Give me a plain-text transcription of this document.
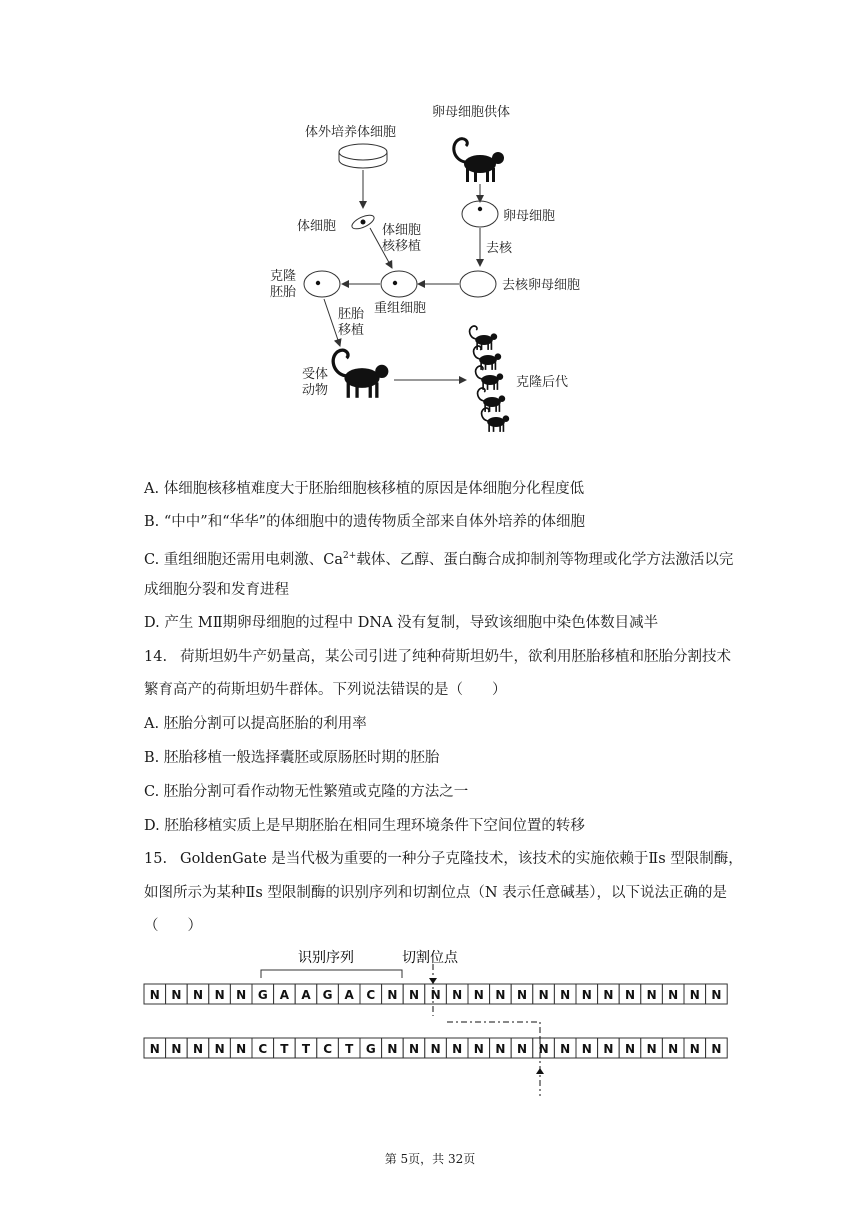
体外培养体细胞
卵母细胞供体
体细胞
卵母细胞
去核
体细胞
核移植
去核卵母细胞
重组细胞
克隆
胚胎
胚胎
移植
受体
动物
克隆后代
A. 体细胞核移植难度大于胚胎细胞核移植的原因是体细胞分化程度低
B. “中中”和“华华”的体细胞中的遗传物质全部来自体外培养的体细胞
C. 重组细胞还需用电刺激、$Ca^{2+}$载体、乙醇、蛋白酶合成抑制剂等物理或化学方法激活以完
成细胞分裂和发育进程
D. 产生 MⅡ期卵母细胞的过程中 DNA 没有复制，导致该细胞中染色体数目减半
14. 荷斯坦奶牛产奶量高，某公司引进了纯种荷斯坦奶牛，欲利用胚胎移植和胚胎分割技术
繁育高产的荷斯坦奶牛群体。下列说法错误的是（　　）
A. 胚胎分割可以提高胚胎的利用率
B. 胚胎移植一般选择囊胚或原肠胚时期的胚胎
C. 胚胎分割可看作动物无性繁殖或克隆的方法之一
D. 胚胎移植实质上是早期胚胎在相同生理环境条件下空间位置的转移
15. GoldenGate 是当代极为重要的一种分子克隆技术，该技术的实施依赖于Ⅱs 型限制酶，
如图所示为某种Ⅱs 型限制酶的识别序列和切割位点（N 表示任意碱基），以下说法正确的是
（　　）
识别序列	切割位点
N N N N N G A A G A C N N N N N N N N N N N N N N N N
N N N N N C T T C T G N N N N N N N N N N N N N N N N
第 5页，共 32页
